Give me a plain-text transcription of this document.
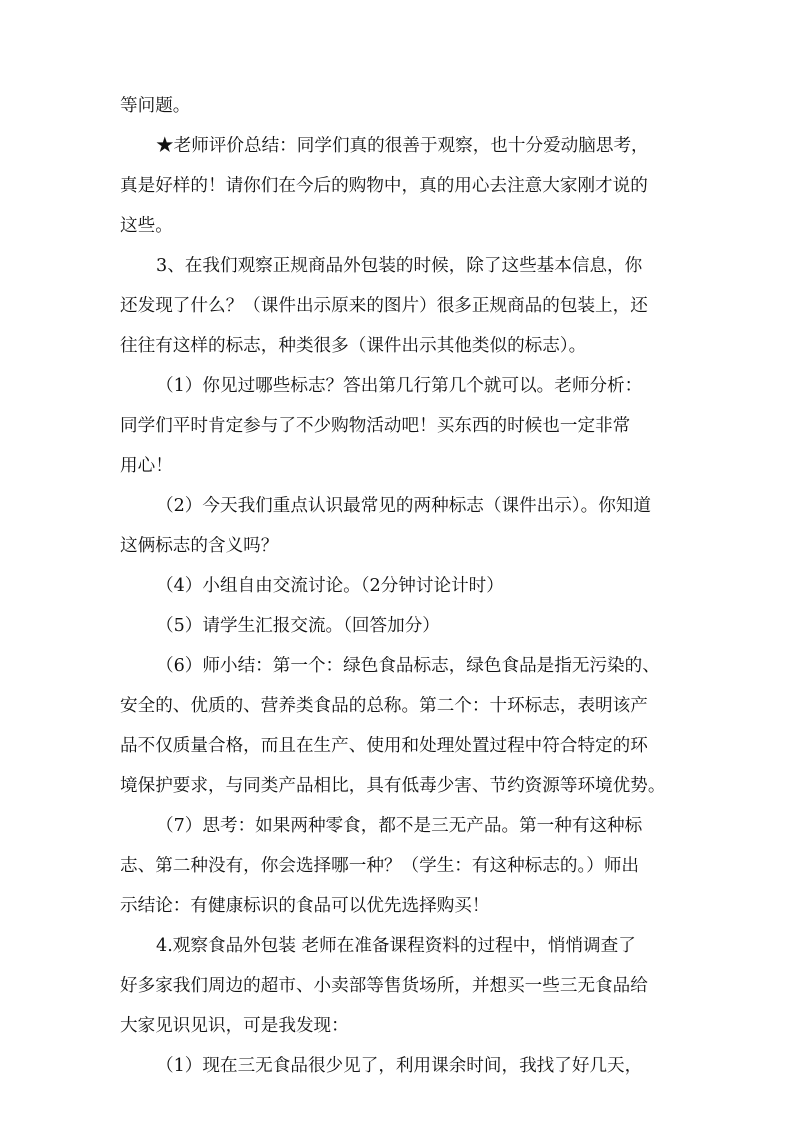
等问题。
★老师评价总结：同学们真的很善于观察，也十分爱动脑思考，
真是好样的！请你们在今后的购物中，真的用心去注意大家刚才说的
这些。
3、在我们观察正规商品外包装的时候，除了这些基本信息，你
还发现了什么？（课件出示原来的图片）很多正规商品的包装上，还
往往有这样的标志，种类很多（课件出示其他类似的标志）。
（1）你见过哪些标志？答出第几行第几个就可以。老师分析：
同学们平时肯定参与了不少购物活动吧！买东西的时候也一定非常
用心！
（2）今天我们重点认识最常见的两种标志（课件出示）。你知道
这俩标志的含义吗？
（4）小组自由交流讨论。（2分钟讨论计时）
（5）请学生汇报交流。（回答加分）
（6）师小结：第一个：绿色食品标志，绿色食品是指无污染的、
安全的、优质的、营养类食品的总称。第二个：十环标志，表明该产
品不仅质量合格，而且在生产、使用和处理处置过程中符合特定的环
境保护要求，与同类产品相比，具有低毒少害、节约资源等环境优势。
（7）思考：如果两种零食，都不是三无产品。第一种有这种标
志、第二种没有，你会选择哪一种？（学生：有这种标志的。）师出
示结论：有健康标识的食品可以优先选择购买！
4.观察食品外包装 老师在准备课程资料的过程中，悄悄调查了
好多家我们周边的超市、小卖部等售货场所，并想买一些三无食品给
大家见识见识，可是我发现：
（1）现在三无食品很少见了，利用课余时间，我找了好几天，
